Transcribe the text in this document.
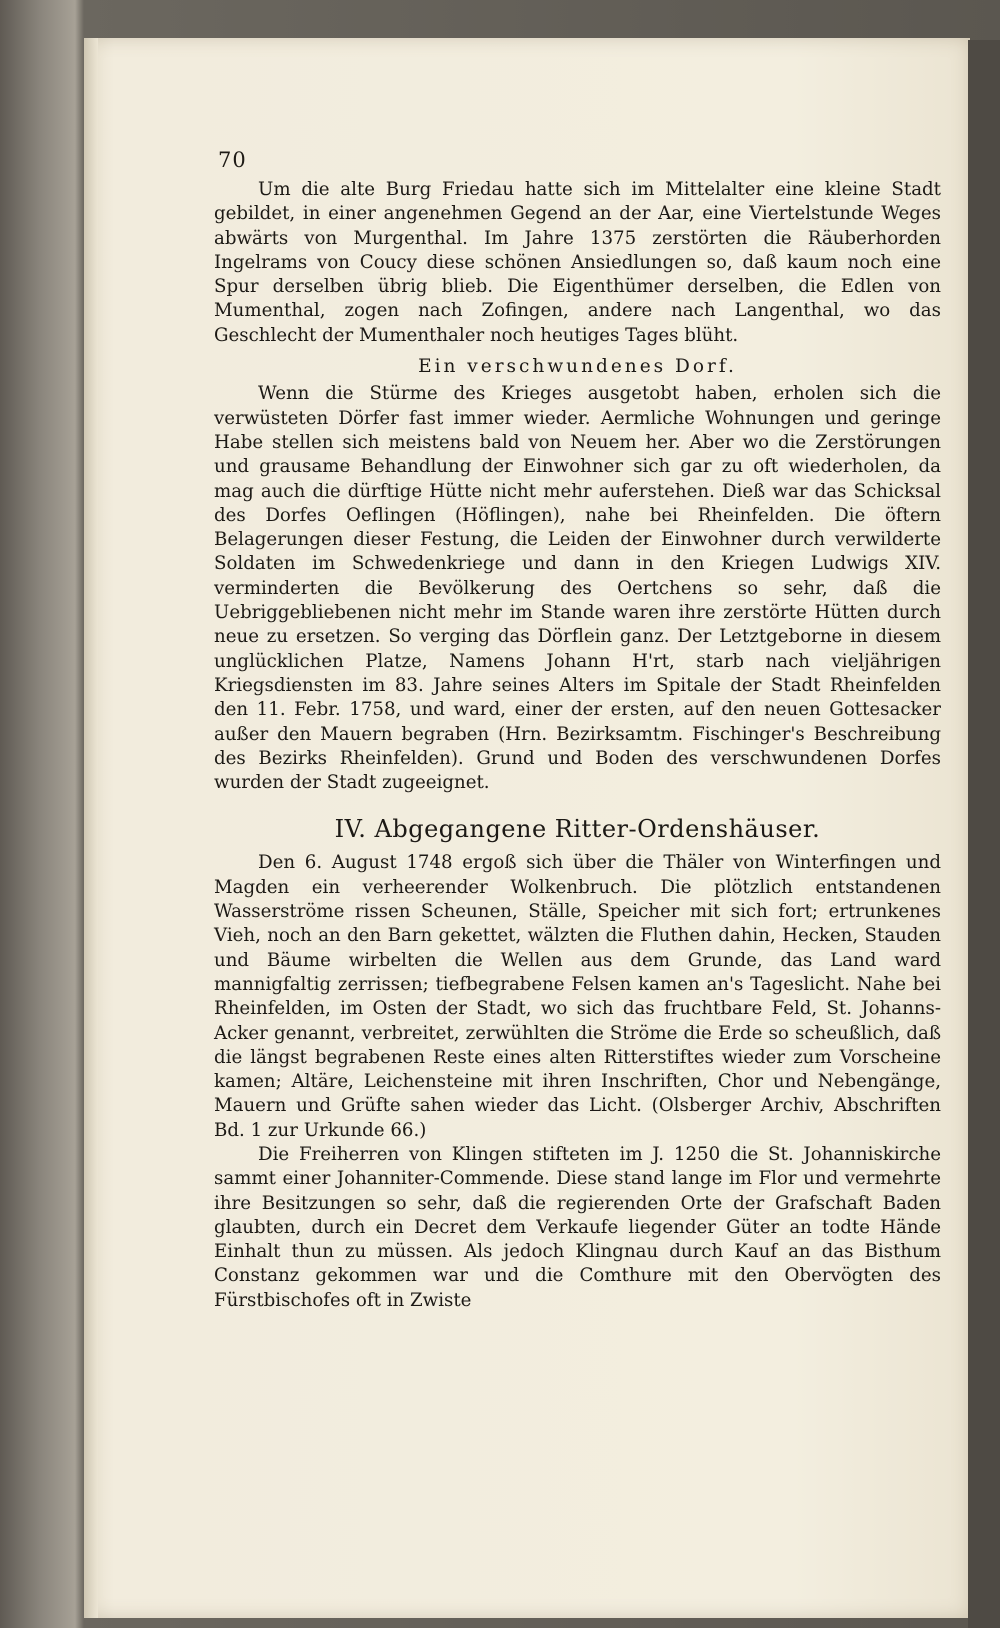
70

Um die alte Burg Friedau hatte sich im Mittelalter eine kleine Stadt gebildet, in einer angenehmen Gegend an der Aar, eine Viertelstunde Weges abwärts von Murgenthal. Im Jahre 1375 zerstörten die Räuberhorden Ingelrams von Coucy diese schönen Ansiedlungen so, daß kaum noch eine Spur derselben übrig blieb. Die Eigenthümer derselben, die Edlen von Mumenthal, zogen nach Zofingen, andere nach Langenthal, wo das Geschlecht der Mumenthaler noch heutiges Tages blüht.

Ein verschwundenes Dorf.

Wenn die Stürme des Krieges ausgetobt haben, erholen sich die verwüsteten Dörfer fast immer wieder. Aermliche Wohnungen und geringe Habe stellen sich meistens bald von Neuem her. Aber wo die Zerstörungen und grausame Behandlung der Einwohner sich gar zu oft wiederholen, da mag auch die dürftige Hütte nicht mehr auferstehen. Dieß war das Schicksal des Dorfes Oeflingen (Höflingen), nahe bei Rheinfelden. Die öftern Belagerungen dieser Festung, die Leiden der Einwohner durch verwilderte Soldaten im Schwedenkriege und dann in den Kriegen Ludwigs XIV. verminderten die Bevölkerung des Oertchens so sehr, daß die Uebriggebliebenen nicht mehr im Stande waren ihre zerstörte Hütten durch neue zu ersetzen. So verging das Dörflein ganz. Der Letztgeborne in diesem unglücklichen Platze, Namens Johann H'rt, starb nach vieljährigen Kriegsdiensten im 83. Jahre seines Alters im Spitale der Stadt Rheinfelden den 11. Febr. 1758, und ward, einer der ersten, auf den neuen Gottesacker außer den Mauern begraben (Hrn. Bezirksamtm. Fischinger's Beschreibung des Bezirks Rheinfelden). Grund und Boden des verschwundenen Dorfes wurden der Stadt zugeeignet.

IV. Abgegangene Ritter-Ordenshäuser.

Den 6. August 1748 ergoß sich über die Thäler von Winterfingen und Magden ein verheerender Wolkenbruch. Die plötzlich entstandenen Wasserströme rissen Scheunen, Ställe, Speicher mit sich fort; ertrunkenes Vieh, noch an den Barn gekettet, wälzten die Fluthen dahin, Hecken, Stauden und Bäume wirbelten die Wellen aus dem Grunde, das Land ward mannigfaltig zerrissen; tiefbegrabene Felsen kamen an's Tageslicht. Nahe bei Rheinfelden, im Osten der Stadt, wo sich das fruchtbare Feld, St. Johanns-Acker genannt, verbreitet, zerwühlten die Ströme die Erde so scheußlich, daß die längst begrabenen Reste eines alten Ritterstiftes wieder zum Vorscheine kamen; Altäre, Leichensteine mit ihren Inschriften, Chor und Nebengänge, Mauern und Grüfte sahen wieder das Licht. (Olsberger Archiv, Abschriften Bd. 1 zur Urkunde 66.)

Die Freiherren von Klingen stifteten im J. 1250 die St. Johanniskirche sammt einer Johanniter-Commende. Diese stand lange im Flor und vermehrte ihre Besitzungen so sehr, daß die regierenden Orte der Grafschaft Baden glaubten, durch ein Decret dem Verkaufe liegender Güter an todte Hände Einhalt thun zu müssen. Als jedoch Klingnau durch Kauf an das Bisthum Constanz gekommen war und die Comthure mit den Obervögten des Fürstbischofes oft in Zwiste
